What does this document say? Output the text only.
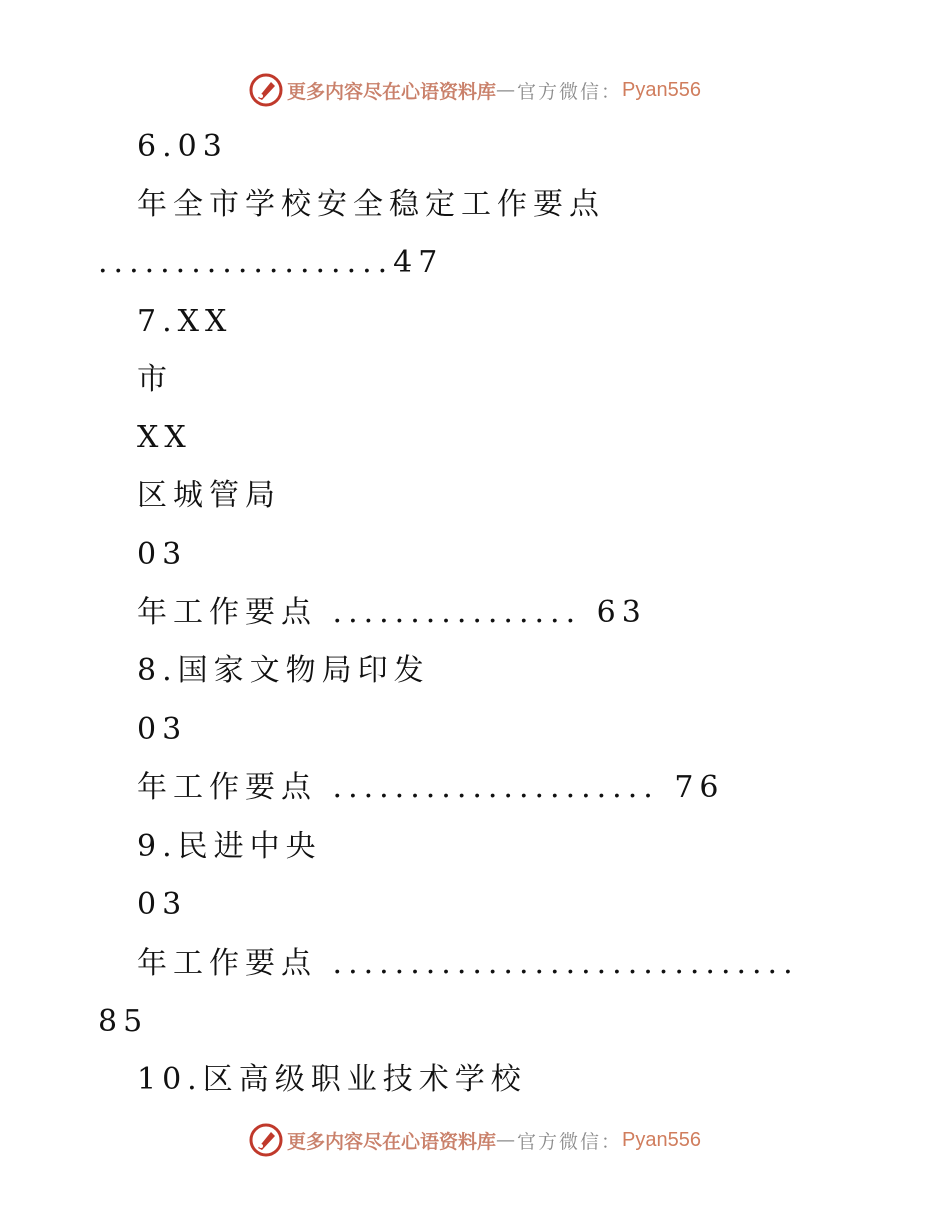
更多内容尽在心语资料库 — 官方微信： Pyan556
6.03
年全市学校安全稳定工作要点
...................47
7.XX
市
XX
区城管局
03
年工作要点 ................ 63
8.国家文物局印发
03
年工作要点 ..................... 76
9.民进中央
03
年工作要点 ..............................
85
10.区高级职业技术学校
更多内容尽在心语资料库 — 官方微信： Pyan556
